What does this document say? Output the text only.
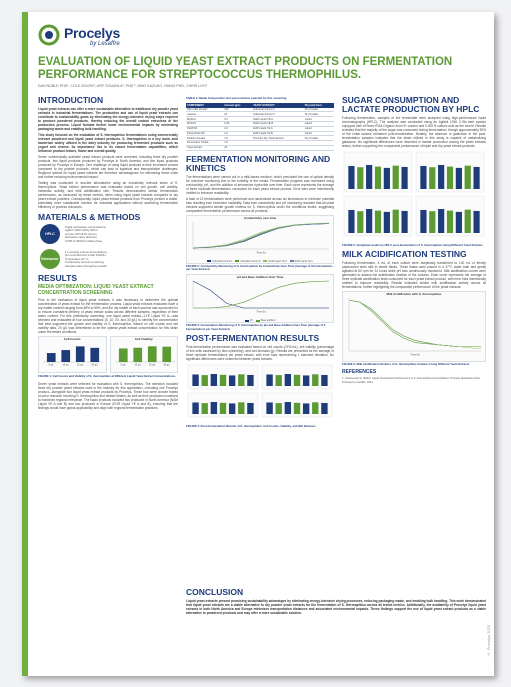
© Procelys 2025
Procelys
by Lesaffre
EVALUATION OF LIQUID YEAST EXTRACT PRODUCTS ON FERMENTATION
PERFORMANCE FOR STREPTOCOCCUS THERMOPHILUS.
DAN NOBLE PHD¹, COLE BOLEN¹, AFIF SOUAHLA¹, PHD ², BINO KAZUKO, HANOI PHD, CHRIS LOO¹
INTRODUCTION

Liquid yeast extracts can offer a more sustainable alternative to traditional dry powder yeast extracts in industrial fermentations. The production and use of liquid yeast extracts can contribute to sustainability goals by eliminating the energy-intensive drying steps required to produce powdered products, thereby reducing the overall carbon emissions of the production process. Liquid formats further lower environmental impacts by minimizing packaging waste and enabling bulk handling.

This study focused on the evaluation of S. thermophilus fermentations using commercially relevant powdered and liquid yeast extract products. S. thermophilus is a key lactic acid bacterium widely utilized in the dairy industry for producing fermented products such as yogurt and cheese. Its importance lies in its robust fermentation capabilities, which influence product texture, flavor and overall quality.

Seven commercially available yeast extract products were screened, including three dry powder products, two liquid products produced by Procelys in North America, and two liquid products produced by Procelys in Europe. One challenge of using liquid products is their increased volume compared to dry powder products, which can lead to logistical and transportation challenges. Regional options for liquid yeast extracts are therefore advantageous for minimizing these costs and further reducing environmental impact.

Testing was conducted in sea-like laboratories using an industrially relevant strain of S. thermophilus. Yeast extract performance was evaluated based on cell growth, cell viability, metabolic activity, and milk acidification rate. Results demonstrated similar fermentation performance, as measured by these metrics, when using liquid yeast extracts compared to dry yeast extract powders. Consequently, liquid yeast extract products from Procelys present a viable, potentially more sustainable solution for industrial applications without sacrificing fermentation efficiency or process outcomes.

MATERIALS & METHODS
HPLC
Sugar and lactate concentrations
Agilent 1260 Infinity HPLC
Aminex HPX-87H column
Refractive index detection
0.005 N H2SO4 mobile phase
Bioreactor
1 L working volume fermentations
pH controlled at 6.0 with NH4OH
Temperature 42 °C
Conductivity and pH monitoring
Samples taken throughout growth
RESULTS
MEDIA OPTIMIZATION: LIQUID YEAST EXTRACT CONCENTRATION SCREENING

Prior to the evaluation of liquid yeast extracts, it was necessary to determine the optimal concentration of yeast extract for the fermentation process. Liquid yeast extracts evaluated have a dry matter content ranging from 48% to 55%, and the dry matter of each product was accounted for to ensure consistent delivery of yeast extract solids across different samples, regardless of their water content. For this preliminary screening, one liquid yeast extract—LYE Liquid YE A—was selected and evaluated at four concentrations (5, 10, 20, and 30 g/L) to identify the concentration that best supported the growth and viability of S. thermophilus. Based on cell counts and cell viability data, 20 g/L was determined to be the optimal yeast extract concentration for this strain under the tested conditions.

Cell Counts
5 g/L	10 g/L	20 g/L	30 g/L
Cell Viability
5 g/L	10 g/L	20 g/L	30 g/L
FIGURE 1: Cell Counts and Viability of S. thermophilus at Different Liquid Yeast Extract Concentrations.

Seven yeast extracts were selected for evaluation with S. thermophilus. The selection included three dry powder yeast extracts used in the industry for this application—including one Procelys product—alongside four liquid yeast extract products by Procelys. These four were chosen based on prior research involving S. thermophilus and related strains, as well as their production locations to maximize regional relevance. The liquid products included two produced in North America (NAM Liquid YE A and B) and two produced in Europe (EUR Liquid YE A and B), ensuring that the findings would have global applicability and align with regional fermentation practices.

TABLE 1: Media Composition and yeast extracts selected for this screening
COMPONENT	Amount (g/L)	YEAST EXTRACT	Physical form
Skim Milk Powder	100	Industrial Control 1	Dry Powder
Lactose	20	Industrial Control 2	Dry Powder
MgSO4	0.5	NAM Liquid YE A	Liquid
MnSO4	0.05	NAM Liquid YE B	Liquid
K2HPO4	2.0	EUR Liquid YE A	Liquid
Polysorbate 80	1.0	EUR Liquid YE B	Liquid
Sodium Acetate	1.0	Procelys Dry Yeast Extract	Dry Powder
Ammonium Citrate	1.0		
Yeast Extract	20		
FERMENTATION MONITORING AND KINETICS

The fermentations were carried out in a milk-based medium, which precluded the use of optical density for real-time monitoring due to the turbidity of the media. Fermentation progress was monitored using conductivity, pH, and the addition of ammonium hydroxide over time. Each curve represents the average of three replicate fermentations conducted for each yeast extract product. Error bars were intentionally omitted to enhance readability.

A total of 21 fermentations were performed and randomized across six bioreactors to minimize potential bias resulting from bioreactor variability. Data from conductivity and pH monitoring revealed that all yeast extracts supported similar growth kinetics for S. thermophilus under the conditions tested, suggesting comparable fermentation performance across all products.

Conductivity over time
Time (h)
Industrial Control 1	Industrial Control 2	NAM Liquid YE A	EUR Liquid YE A
FIGURE 2: Conductivity Monitoring of S. thermophilus by Conductivity Over Time (Average of 3 Fermentations per Yeast Extract)
pH and Base Addition Over Time
Time (h)
pH	Base addition
FIGURE 3: Fermentation Monitoring of S. thermophilus by pH and Base Addition Over Time (Average of 3 Fermentations per Yeast Extract)
POST-FERMENTATION RESULTS

Post-fermentation performance was evaluated based on cell counts (CFU/mL), cell viability (percentage of live cells assessed by flow cytometry), and wet biomass (g). Results are presented as the average of three replicate fermentations per yeast extract, with error bars representing 1 standard deviation. No significant differences were observed between yeast extracts.

FIGURE 4: Post-Fermentation Results of S. thermophilus: Cell Counts, Viability, and Wet Biomass
SUGAR CONSUMPTION AND LACTATE PRODUCTION BY HPLC

Following fermentation, samples of the fermentate were analyzed using high-performance liquid chromatography (HPLC). The analysis was conducted using an Agilent 1260 II Bio-inert system equipped with a Rezex ROA-Organic Acid H+ column and 0.005 N sulfuric acid as the eluent. Results revealed that the majority of the sugar was consumed during fermentation, though approximately 50% of the initial lactose remained post-fermentation. Notably, the absence of galactose in the post-fermentation samples indicates that the strain utilized in this study is capable of metabolizing galactose. No significant differences were observed in lactate production among the yeast extracts tested, further supporting the comparable performance of liquid and dry yeast extract products.

FIGURE 5: Analytical results by HPLC post-fermentation of S. thermophilus Using Different Yeast Extracts
MILK ACIDIFICATION TESTING

Following fermentation, 4 mL of each culture were aseptically transferred to 100 mL of freshly pasteurized skim milk in sterile flasks. These flasks were placed in a 37°C water bath and gently agitated at 50 rpm for 24 hours while pH was continuously monitored. Milk acidification curves were generated to assess the acidification kinetics of the cultures. Each curve represents the average of three replicate acidification tests conducted for each yeast extract product, with error bars intentionally omitted to improve readability. Results indicated similar milk acidification activity across all fermentations, further highlighting the comparable performance of the yeast extracts.

Milk Acidification with S. thermophilus
Time (h)
FIGURE 6: Milk Acidification Kinetics of S. thermophilus Cultures Using Different Yeast Extracts
REFERENCES
1. Cheeseman R. (2024). Liquid Yeast Extract Performance in S. thermophilus Fermentations. Procelys Application Note. Procelys by Lesaffre. 2024.
CONCLUSION

Liquid yeast extracts present promising sustainability advantages by eliminating energy-intensive drying processes, reducing packaging waste, and enabling bulk handling. This work demonstrated that liquid yeast extracts are a viable alternative to dry powder yeast extracts for the fermentation of S. thermophilus across all tested metrics. Additionally, the availability of Procelys liquid yeast extracts in both North America and Europe minimizes transportation distances and associated environmental impacts. These findings support the use of liquid yeast extract products as a viable alternative to powdered products and may offer a more sustainable solution.
